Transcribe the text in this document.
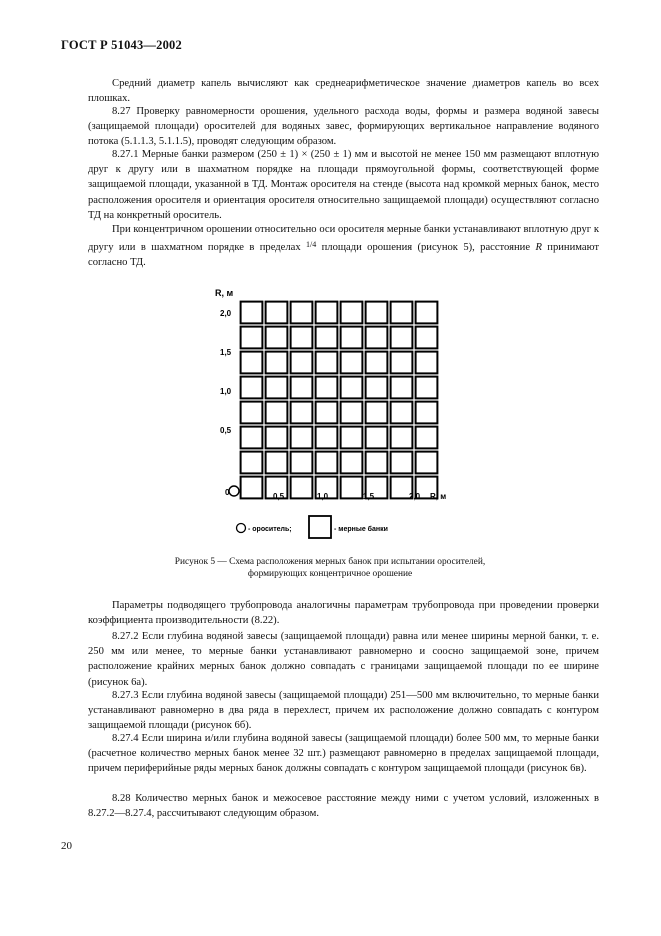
ГОСТ Р 51043—2002

Средний диаметр капель вычисляют как среднеарифметическое значение диаметров капель во всех плошках.

8.27 Проверку равномерности орошения, удельного расхода воды, формы и размера водяной завесы (защищаемой площади) оросителей для водяных завес, формирующих вертикальное направление водяного потока (5.1.1.3, 5.1.1.5), проводят следующим образом.

8.27.1 Мерные банки размером (250 ± 1) × (250 ± 1) мм и высотой не менее 150 мм размещают вплотную друг к другу или в шахматном порядке на площади прямоугольной формы, соответствующей форме защищаемой площади, указанной в ТД. Монтаж оросителя на стенде (высота над кромкой мерных банок, место расположения оросителя и ориентация оросителя относительно защищаемой площади) осуществляют согласно ТД на конкретный ороситель.

При концентричном орошении относительно оси оросителя мерные банки устанавливают вплотную друг к другу или в шахматном порядке в пределах $^{1/4}$ площади орошения (рисунок 5), расстояние R принимают согласно ТД.

R, м
2,0
1,5
1,0
0,5
0	0,5	1,0	1,5	2,0 R, м
- ороситель;	- мерные банки
Рисунок 5 — Схема расположения мерных банок при испытании оросителей,
формирующих концентричное орошение

Параметры подводящего трубопровода аналогичны параметрам трубопровода при проведении проверки коэффициента производительности (8.22).

8.27.2 Если глубина водяной завесы (защищаемой площади) равна или менее ширины мерной банки, т. е. 250 мм или менее, то мерные банки устанавливают равномерно и соосно защищаемой зоне, причем расположение крайних мерных банок должно совпадать с границами защищаемой площади по ее ширине (рисунок 6а).

8.27.3 Если глубина водяной завесы (защищаемой площади) 251—500 мм включительно, то мерные банки устанавливают равномерно в два ряда в перехлест, причем их расположение должно совпадать с контуром защищаемой площади (рисунок 6б).

8.27.4 Если ширина и/или глубина водяной завесы (защищаемой площади) более 500 мм, то мерные банки (расчетное количество мерных банок менее 32 шт.) размещают равномерно в пределах защищаемой площади, причем периферийные ряды мерных банок должны совпадать с контуром защищаемой площади (рисунок 6в).

8.28 Количество мерных банок и межосевое расстояние между ними с учетом условий, изложенных в 8.27.2—8.27.4, рассчитывают следующим образом.

20
